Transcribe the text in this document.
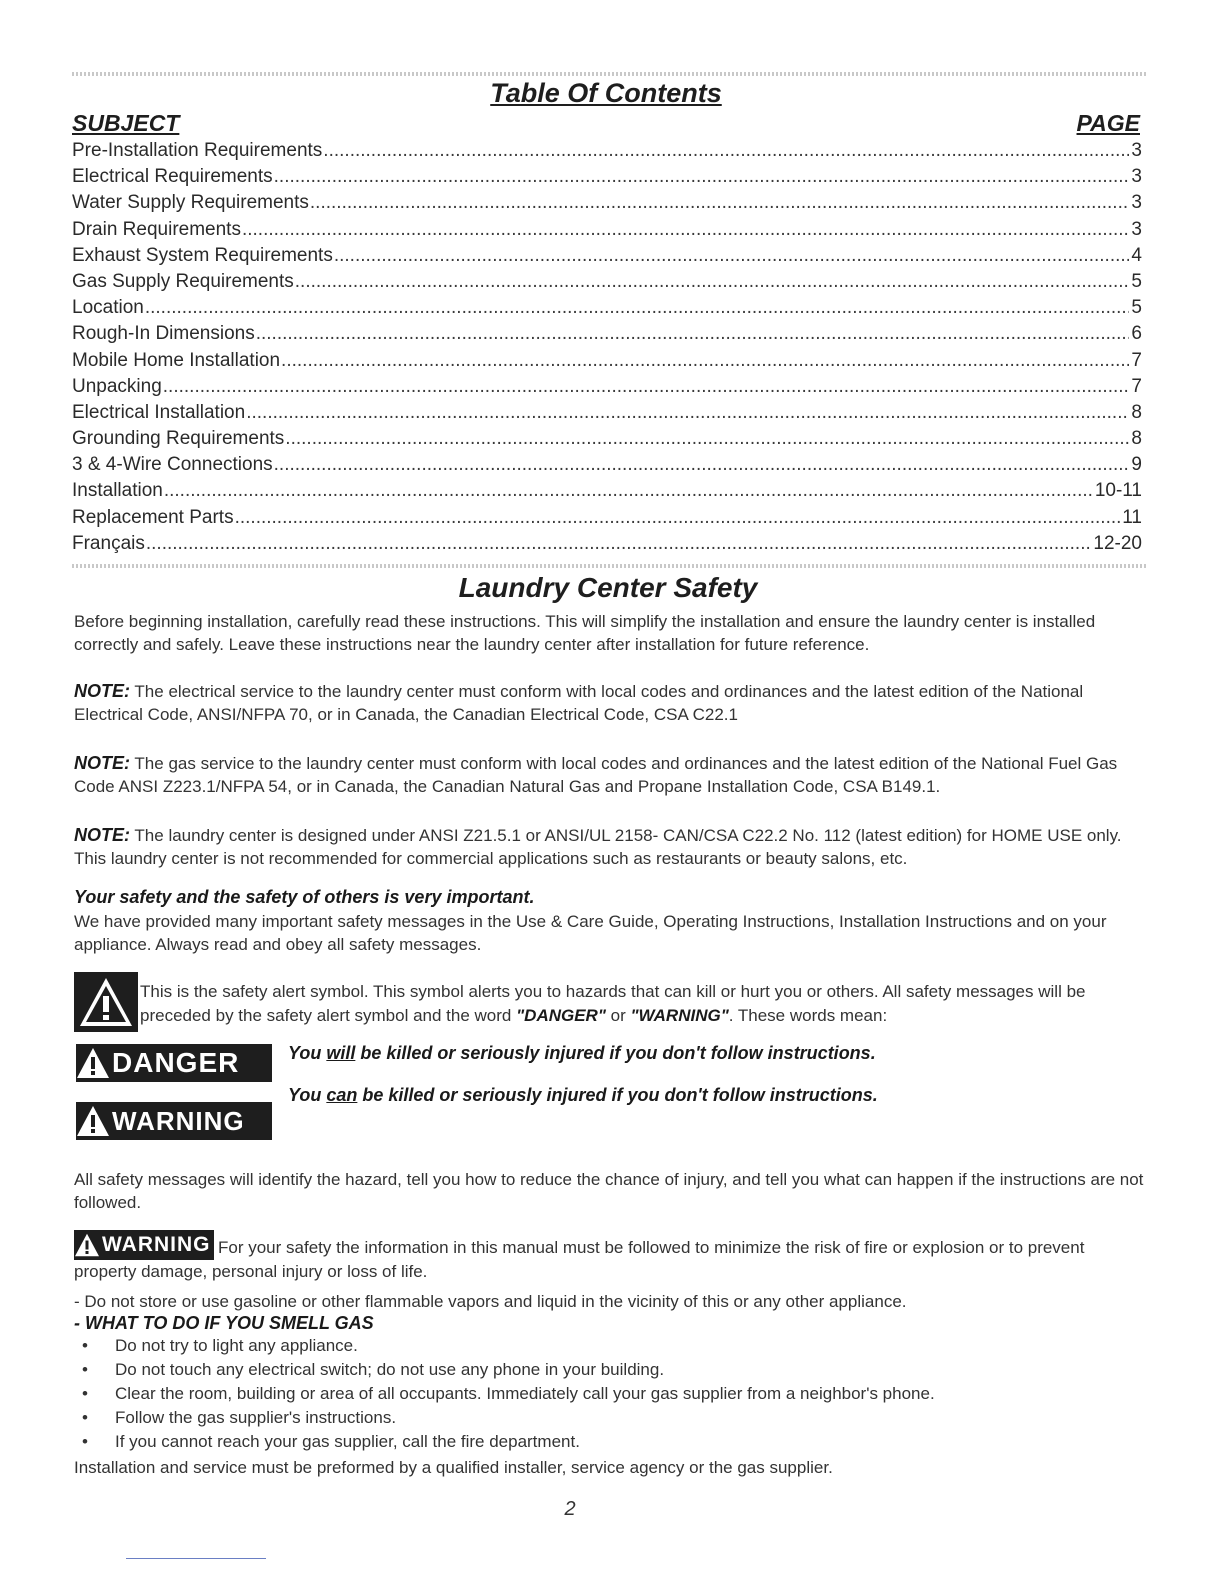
Table Of Contents
SUBJECT	PAGE
Pre-Installation Requirements .....	3
Electrical Requirements .....	3
Water Supply Requirements .....	3
Drain Requirements .....	3
Exhaust System Requirements .....	4
Gas Supply Requirements .....	5
Location .....	5
Rough-In Dimensions .....	6
Mobile Home Installation .....	7
Unpacking .....	7
Electrical Installation .....	8
Grounding Requirements .....	8
3 & 4-Wire Connections .....	9
Installation .....	10-11
Replacement Parts .....	11
Français .....	12-20
Laundry Center Safety

Before beginning installation, carefully read these instructions. This will simplify the installation and ensure the laundry center is installed correctly and safely. Leave these instructions near the laundry center after installation for future reference.

NOTE: The electrical service to the laundry center must conform with local codes and ordinances and the latest edition of the National Electrical Code, ANSI/NFPA 70, or in Canada, the Canadian Electrical Code, CSA C22.1

NOTE: The gas service to the laundry center must conform with local codes and ordinances and the latest edition of the National Fuel Gas Code ANSI Z223.1/NFPA 54, or in Canada, the Canadian Natural Gas and Propane Installation Code, CSA B149.1.

NOTE: The laundry center is designed under ANSI Z21.5.1 or ANSI/UL 2158- CAN/CSA C22.2 No. 112 (latest edition) for HOME USE only. This laundry center is not recommended for commercial applications such as restaurants or beauty salons, etc.

Your safety and the safety of others is very important.

We have provided many important safety messages in the Use & Care Guide, Operating Instructions, Installation Instructions and on your appliance. Always read and obey all safety messages.

This is the safety alert symbol. This symbol alerts you to hazards that can kill or hurt you or others. All safety messages will be preceded by the safety alert symbol and the word "DANGER" or "WARNING". These words mean:
DANGER	You will be killed or seriously injured if you don't follow instructions.
WARNING
You can be killed or seriously injured if you don't follow instructions.

All safety messages will identify the hazard, tell you how to reduce the chance of injury, and tell you what can happen if the instructions are not followed.

WARNING For your safety the information in this manual must be followed to minimize the risk of fire or explosion or to prevent property damage, personal injury or loss of life.

- Do not store or use gasoline or other flammable vapors and liquid in the vicinity of this or any other appliance.

- WHAT TO DO IF YOU SMELL GAS

• Do not try to light any appliance.
• Do not touch any electrical switch; do not use any phone in your building.
• Clear the room, building or area of all occupants. Immediately call your gas supplier from a neighbor's phone.
• Follow the gas supplier's instructions.
• If you cannot reach your gas supplier, call the fire department.

Installation and service must be preformed by a qualified installer, service agency or the gas supplier.

2
